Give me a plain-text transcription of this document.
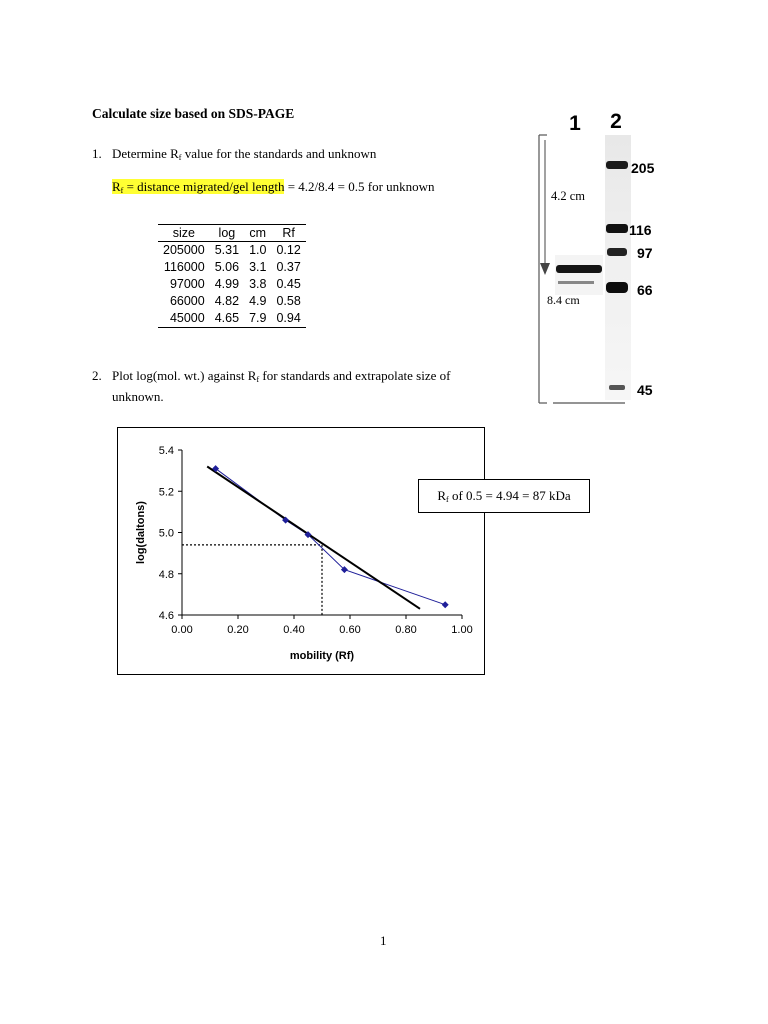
Calculate size based on SDS-PAGE
1. Determine $R_f$ value for the standards and unknown
$R_f$ = distance migrated/gel length = 4.2/8.4 = 0.5 for unknown
size	log	cm	Rf
205000	5.31	1.0	0.12
116000	5.06	3.1	0.37
97000	4.99	3.8	0.45
66000	4.82	4.9	0.58
45000	4.65	7.9	0.94
2. Plot log(mol. wt.) against $R_f$ for standards and extrapolate size of
unknown.
1 2
4.2 cm
8.4 cm
205
116
97
66
45
4.6
4.8
5.0
5.2
5.4
0.00	0.20	0.40	0.60	0.80	1.00
mobility (Rf)
log(daltons)
$R_f$ of 0.5 = 4.94 = 87 kDa
1
